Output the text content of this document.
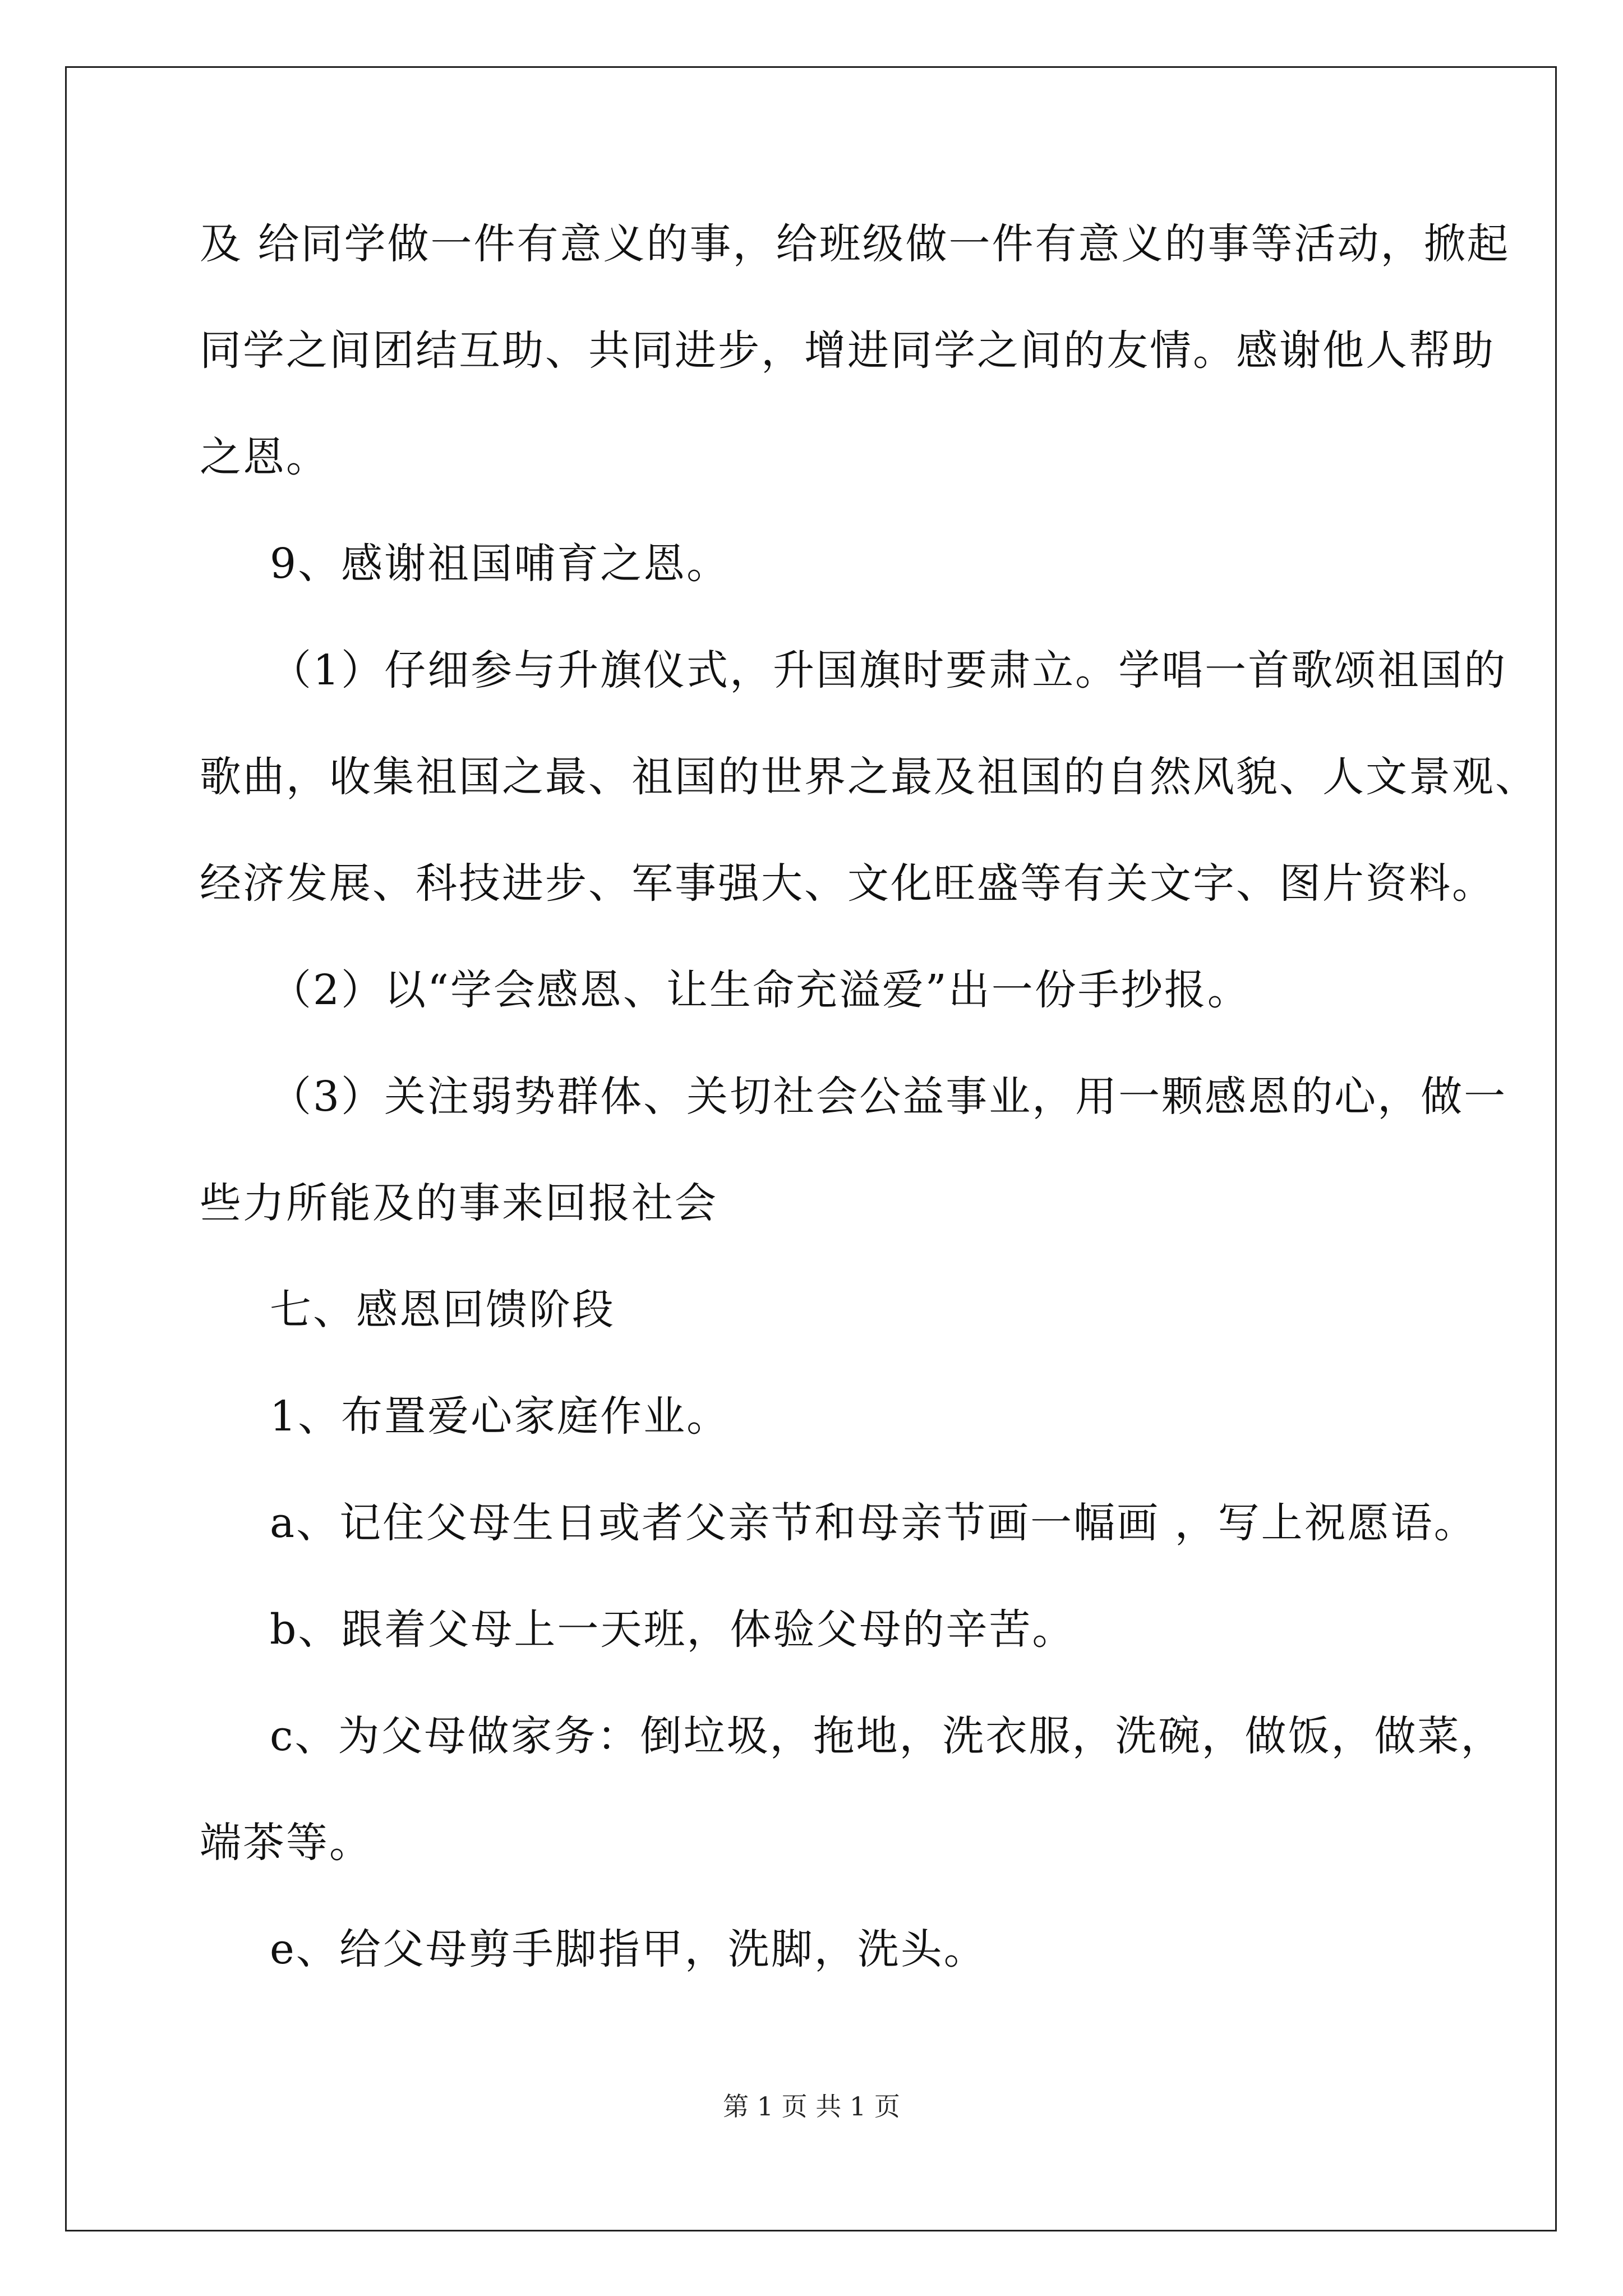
及 给同学做一件有意义的事，给班级做一件有意义的事等活动，掀起
同学之间团结互助、共同进步，增进同学之间的友情。感谢他人帮助
之恩。
9、感谢祖国哺育之恩。
（1）仔细参与升旗仪式，升国旗时要肃立。学唱一首歌颂祖国的
歌曲，收集祖国之最、祖国的世界之最及祖国的自然风貌、人文景观、
经济发展、科技进步、军事强大、文化旺盛等有关文字、图片资料。
（2）以“学会感恩、让生命充溢爱”出一份手抄报。
（3）关注弱势群体、关切社会公益事业，用一颗感恩的心，做一
些力所能及的事来回报社会
七、感恩回馈阶段
1、布置爱心家庭作业。
a、记住父母生日或者父亲节和母亲节画一幅画 ，写上祝愿语。
b、跟着父母上一天班，体验父母的辛苦。
c、为父母做家务：倒垃圾，拖地，洗衣服，洗碗，做饭，做菜，
端茶等。
e、给父母剪手脚指甲，洗脚，洗头。
第 1 页 共 1 页
